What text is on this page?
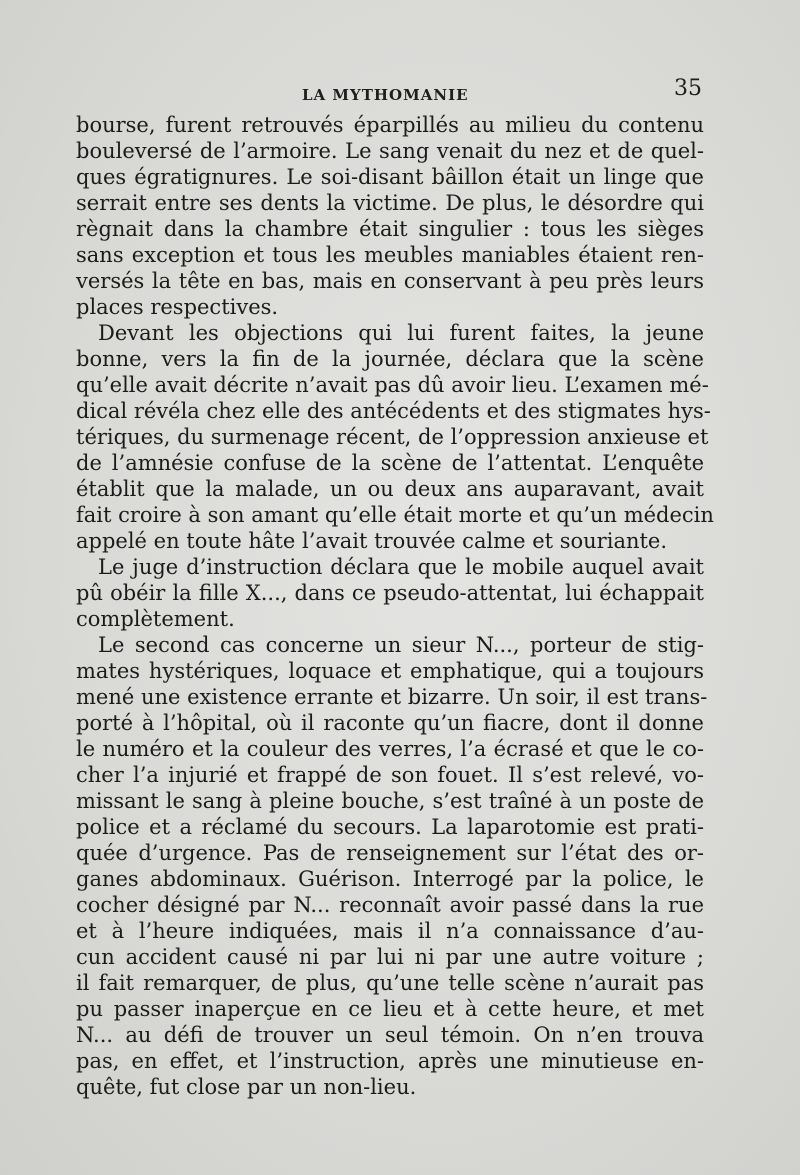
LA MYTHOMANIE	35
bourse, furent retrouvés éparpillés au milieu du contenu
bouleversé de l’armoire. Le sang venait du nez et de quel-
ques égratignures. Le soi-disant bâillon était un linge que
serrait entre ses dents la victime. De plus, le désordre qui
règnait dans la chambre était singulier : tous les sièges
sans exception et tous les meubles maniables étaient ren-
versés la tête en bas, mais en conservant à peu près leurs
places respectives.
Devant les objections qui lui furent faites, la jeune
bonne, vers la fin de la journée, déclara que la scène
qu’elle avait décrite n’avait pas dû avoir lieu. L’examen mé-
dical révéla chez elle des antécédents et des stigmates hys-
tériques, du surmenage récent, de l’oppression anxieuse et
de l’amnésie confuse de la scène de l’attentat. L’enquête
établit que la malade, un ou deux ans auparavant, avait
fait croire à son amant qu’elle était morte et qu’un médecin
appelé en toute hâte l’avait trouvée calme et souriante.
Le juge d’instruction déclara que le mobile auquel avait
pû obéir la fille X..., dans ce pseudo-attentat, lui échappait
complètement.
Le second cas concerne un sieur N..., porteur de stig-
mates hystériques, loquace et emphatique, qui a toujours
mené une existence errante et bizarre. Un soir, il est trans-
porté à l’hôpital, où il raconte qu’un fiacre, dont il donne
le numéro et la couleur des verres, l’a écrasé et que le co-
cher l’a injurié et frappé de son fouet. Il s’est relevé, vo-
missant le sang à pleine bouche, s’est traîné à un poste de
police et a réclamé du secours. La laparotomie est prati-
quée d’urgence. Pas de renseignement sur l’état des or-
ganes abdominaux. Guérison. Interrogé par la police, le
cocher désigné par N... reconnaît avoir passé dans la rue
et à l’heure indiquées, mais il n’a connaissance d’au-
cun accident causé ni par lui ni par une autre voiture ;
il fait remarquer, de plus, qu’une telle scène n’aurait pas
pu passer inaperçue en ce lieu et à cette heure, et met
N... au défi de trouver un seul témoin. On n’en trouva
pas, en effet, et l’instruction, après une minutieuse en-
quête, fut close par un non-lieu.
